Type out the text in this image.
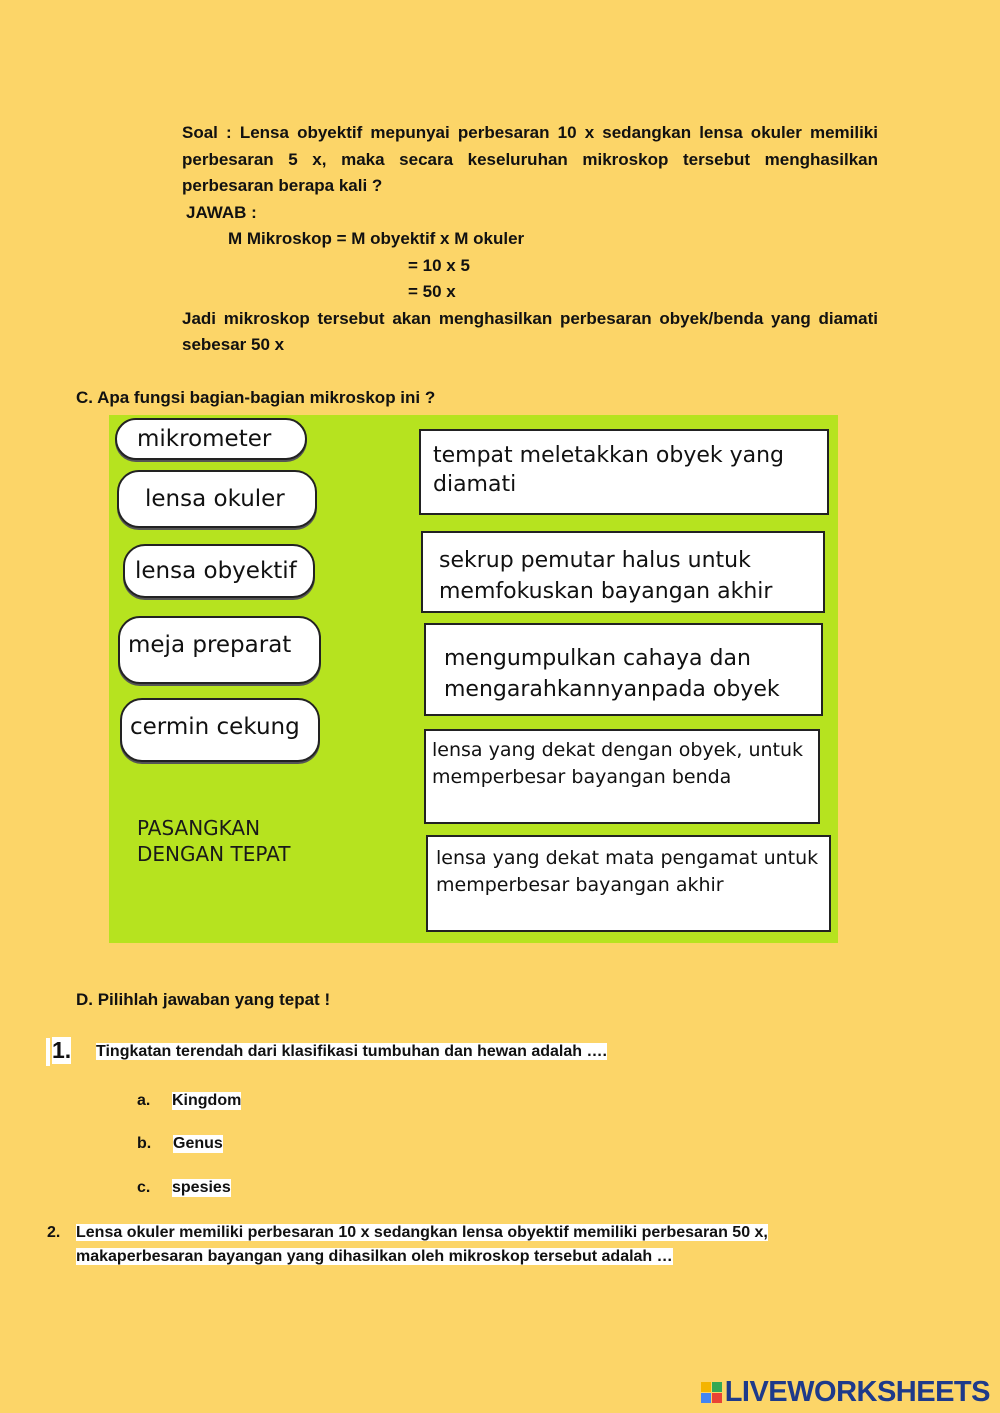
Soal : Lensa obyektif mepunyai perbesaran 10 x sedangkan lensa okuler memiliki perbesaran 5 x, maka secara keseluruhan mikroskop tersebut menghasilkan perbesaran berapa kali ?

JAWAB :

M Mikroskop = M obyektif x M okuler

= 10 x 5

= 50 x

Jadi mikroskop tersebut akan menghasilkan perbesaran obyek/benda yang diamati sebesar 50 x

C. Apa fungsi bagian-bagian mikroskop ini ?
mikrometer
lensa okuler
lensa obyektif
meja preparat
cermin cekung
tempat meletakkan obyek yang diamati
sekrup pemutar halus untuk memfokuskan bayangan akhir
mengumpulkan cahaya dan mengarahkannyanpada obyek
lensa yang dekat dengan obyek, untuk memperbesar bayangan benda
lensa yang dekat mata pengamat untuk memperbesar bayangan akhir
PASANGKAN
DENGAN TEPAT
D. Pilihlah jawaban yang tepat !
1. Tingkatan terendah dari klasifikasi tumbuhan dan hewan adalah ….
a. Kingdom
b. Genus
c. spesies
2. Lensa okuler memiliki perbesaran 10 x sedangkan lensa obyektif memiliki perbesaran 50 x,
makaperbesaran bayangan yang dihasilkan oleh mikroskop tersebut adalah …
LIVEWORKSHEETS
